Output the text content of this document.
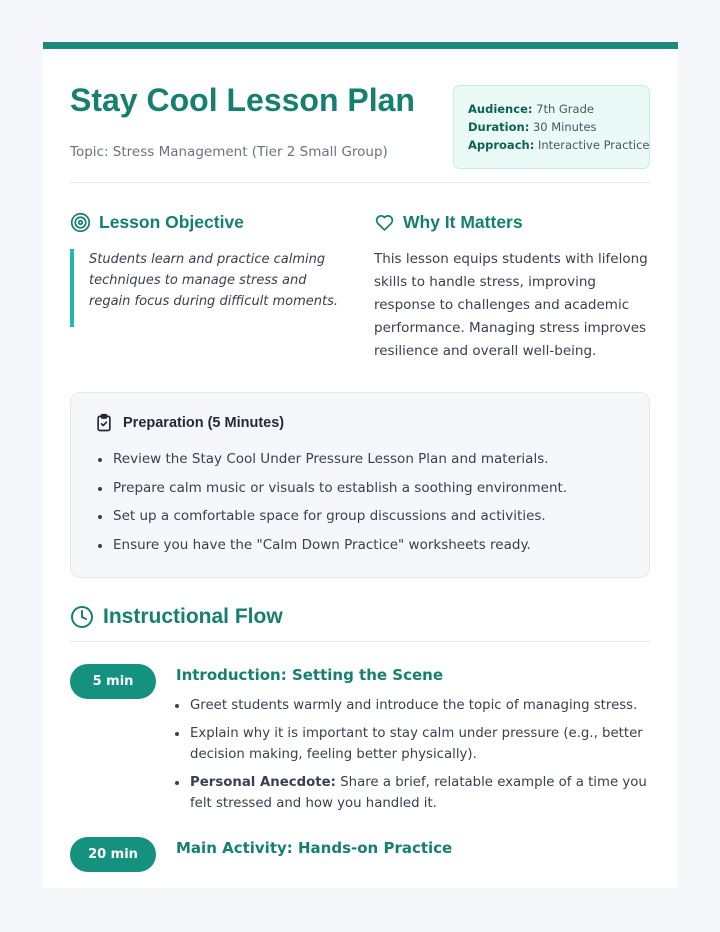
Stay Cool Lesson Plan
Topic: Stress Management (Tier 2 Small Group)
Audience: 7th Grade
Duration: 30 Minutes
Approach: Interactive Practice
Lesson Objective
Students learn and practice calming techniques to manage stress and regain focus during difficult moments.
Why It Matters
This lesson equips students with lifelong skills to handle stress, improving response to challenges and academic performance. Managing stress improves resilience and overall well-being.
Preparation (5 Minutes)
Review the Stay Cool Under Pressure Lesson Plan and materials.
Prepare calm music or visuals to establish a soothing environment.
Set up a comfortable space for group discussions and activities.
Ensure you have the "Calm Down Practice" worksheets ready.
Instructional Flow
5 min	Introduction: Setting the Scene
Greet students warmly and introduce the topic of managing stress.
Explain why it is important to stay calm under pressure (e.g., better decision making, feeling better physically).
Personal Anecdote: Share a brief, relatable example of a time you felt stressed and how you handled it.
20 min	Main Activity: Hands-on Practice
